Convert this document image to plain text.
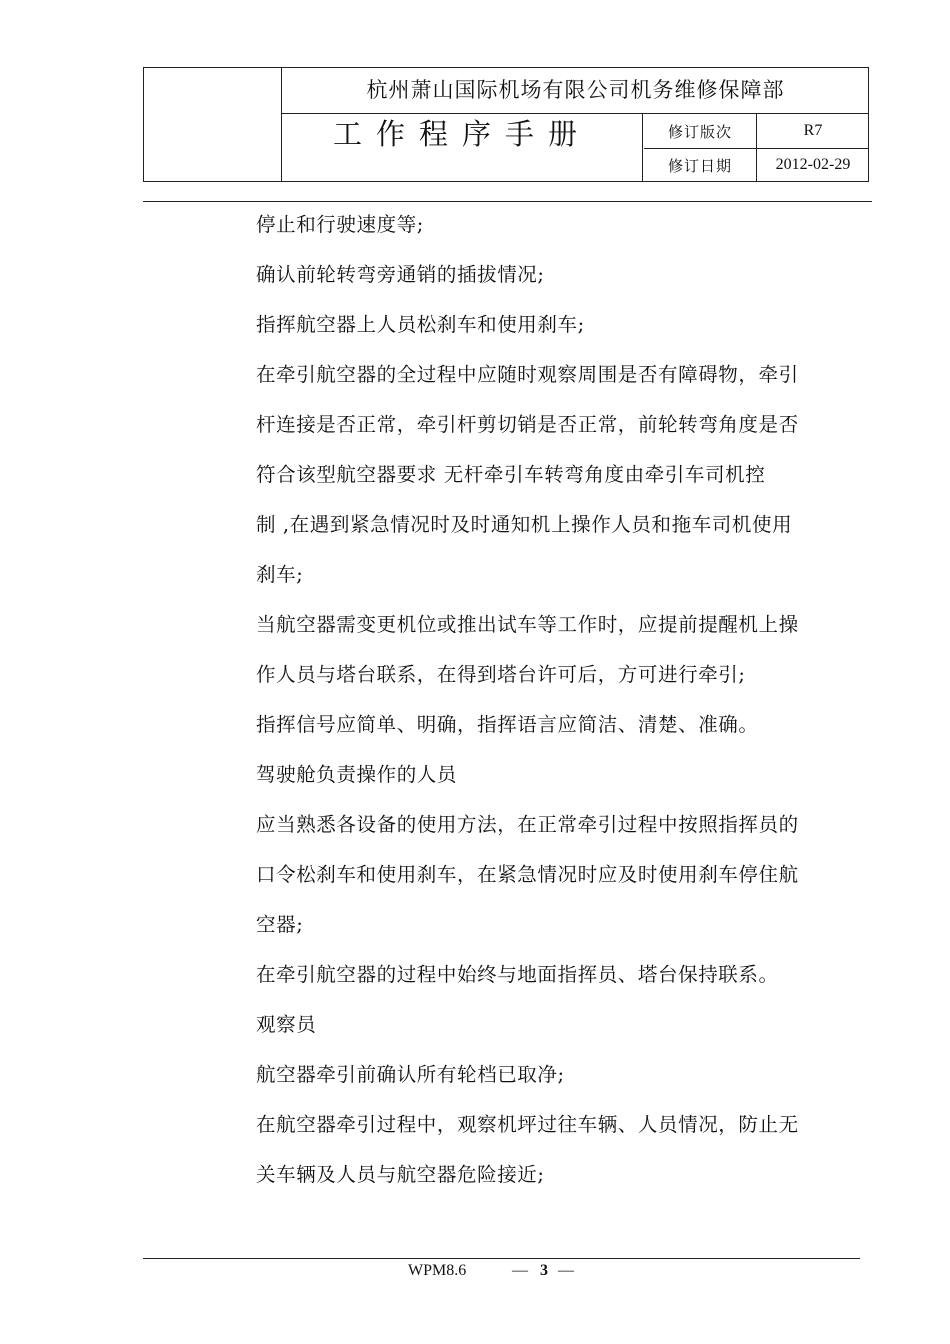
杭州萧山国际机场有限公司机务维修保障部
工作程序手册	修订版次	R7
修订日期	2012-02-29
停止和行驶速度等;
确认前轮转弯旁通销的插拔情况;
指挥航空器上人员松刹车和使用刹车;
在牵引航空器的全过程中应随时观察周围是否有障碍物，牵引
杆连接是否正常，牵引杆剪切销是否正常，前轮转弯角度是否
符合该型航空器要求 无杆牵引车转弯角度由牵引车司机控
制 ,在遇到紧急情况时及时通知机上操作人员和拖车司机使用
刹车;
当航空器需变更机位或推出试车等工作时，应提前提醒机上操
作人员与塔台联系，在得到塔台许可后，方可进行牵引;
指挥信号应简单、明确，指挥语言应简洁、清楚、准确。
驾驶舱负责操作的人员
应当熟悉各设备的使用方法，在正常牵引过程中按照指挥员的
口令松刹车和使用刹车，在紧急情况时应及时使用刹车停住航
空器;
在牵引航空器的过程中始终与地面指挥员、塔台保持联系。
观察员
航空器牵引前确认所有轮档已取净;
在航空器牵引过程中，观察机坪过往车辆、人员情况，防止无
关车辆及人员与航空器危险接近;
WPM8.6	— 3 —
